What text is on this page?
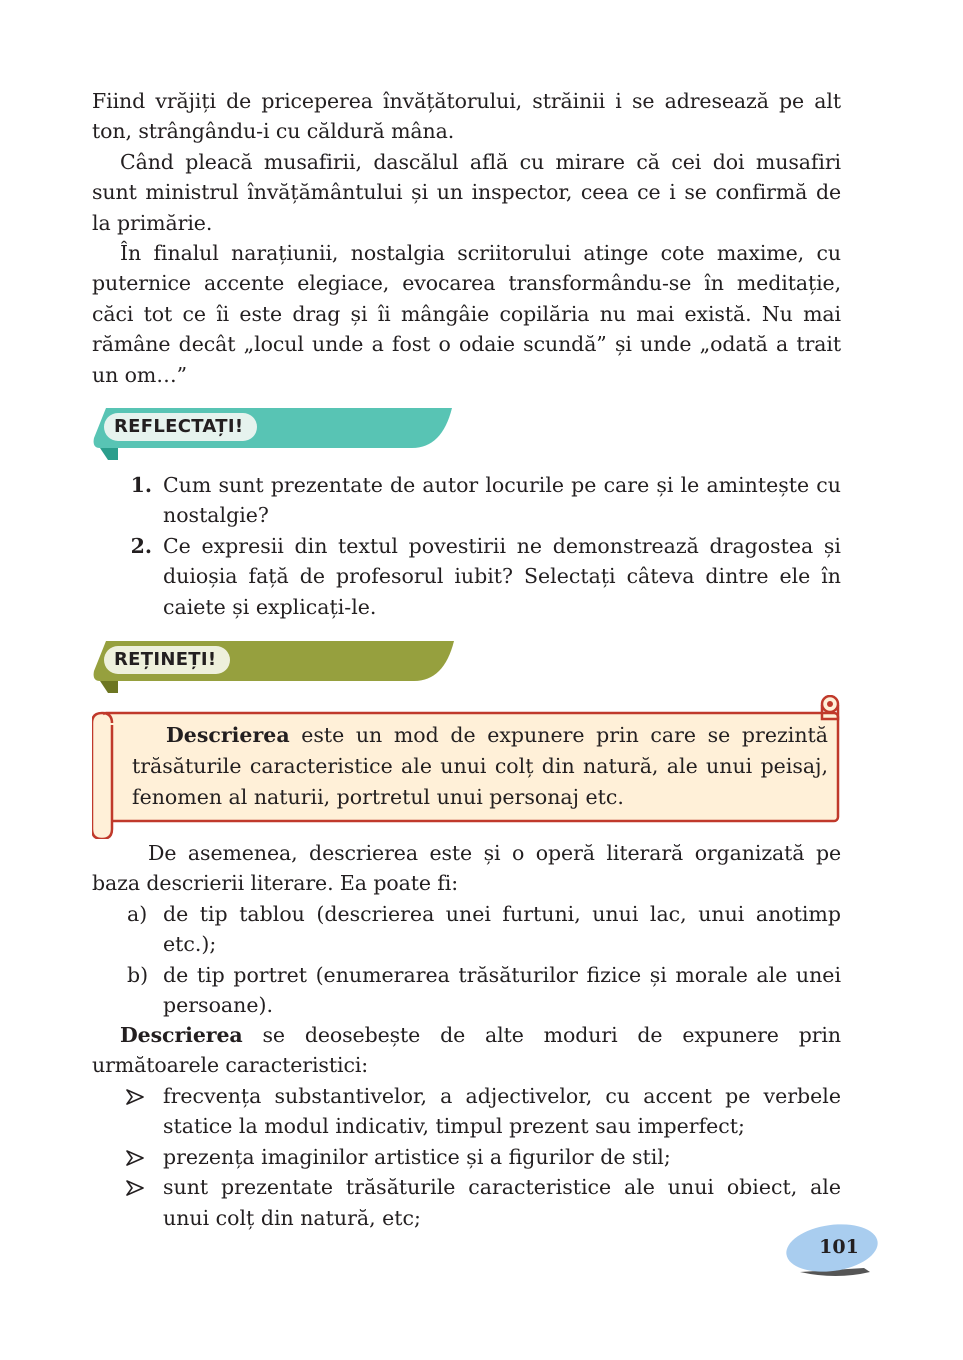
Fiind vrăjiți de priceperea învățătorului, străinii i se adresează pe alt ton, strângându-i cu căldură mâna.

Când pleacă musafirii, dascălul află cu mirare că cei doi musafiri sunt ministrul învățământului și un inspector, ceea ce i se confirmă de la primărie.

În finalul narațiunii, nostalgia scriitorului atinge cote maxime, cu puternice accente elegiace, evocarea transformându-se în meditație, căci tot ce îi este drag și îi mângâie copilăria nu mai există. Nu mai rămâne decât „locul unde a fost o odaie scundă” și unde „odată a trait un om…”

REFLECTAȚI!
1. Cum sunt prezentate de autor locurile pe care și le amintește cu nostalgie?
2. Ce expresii din textul povestirii ne demonstrează dragostea și duioșia față de profesorul iubit? Selectați câteva dintre ele în caiete și explicați-le.
REȚINEȚI!

Descrierea este un mod de expunere prin care se prezintă trăsăturile caracteristice ale unui colț din natură, ale unui peisaj, fenomen al naturii, portretul unui personaj etc.

De asemenea, descrierea este și o operă literară organizată pe baza descrierii literare. Ea poate fi:

a) de tip tablou (descrierea unei furtuni, unui lac, unui anotimp etc.);
b) de tip portret (enumerarea trăsăturilor fizice și morale ale unei persoane).

Descrierea se deosebește de alte moduri de expunere prin următoarele caracteristici:

frecvența substantivelor, a adjectivelor, cu accent pe verbele statice la modul indicativ, timpul prezent sau imperfect;
prezența imaginilor artistice și a figurilor de stil;
sunt prezentate trăsăturile caracteristice ale unui obiect, ale unui colț din natură, etc;
101
